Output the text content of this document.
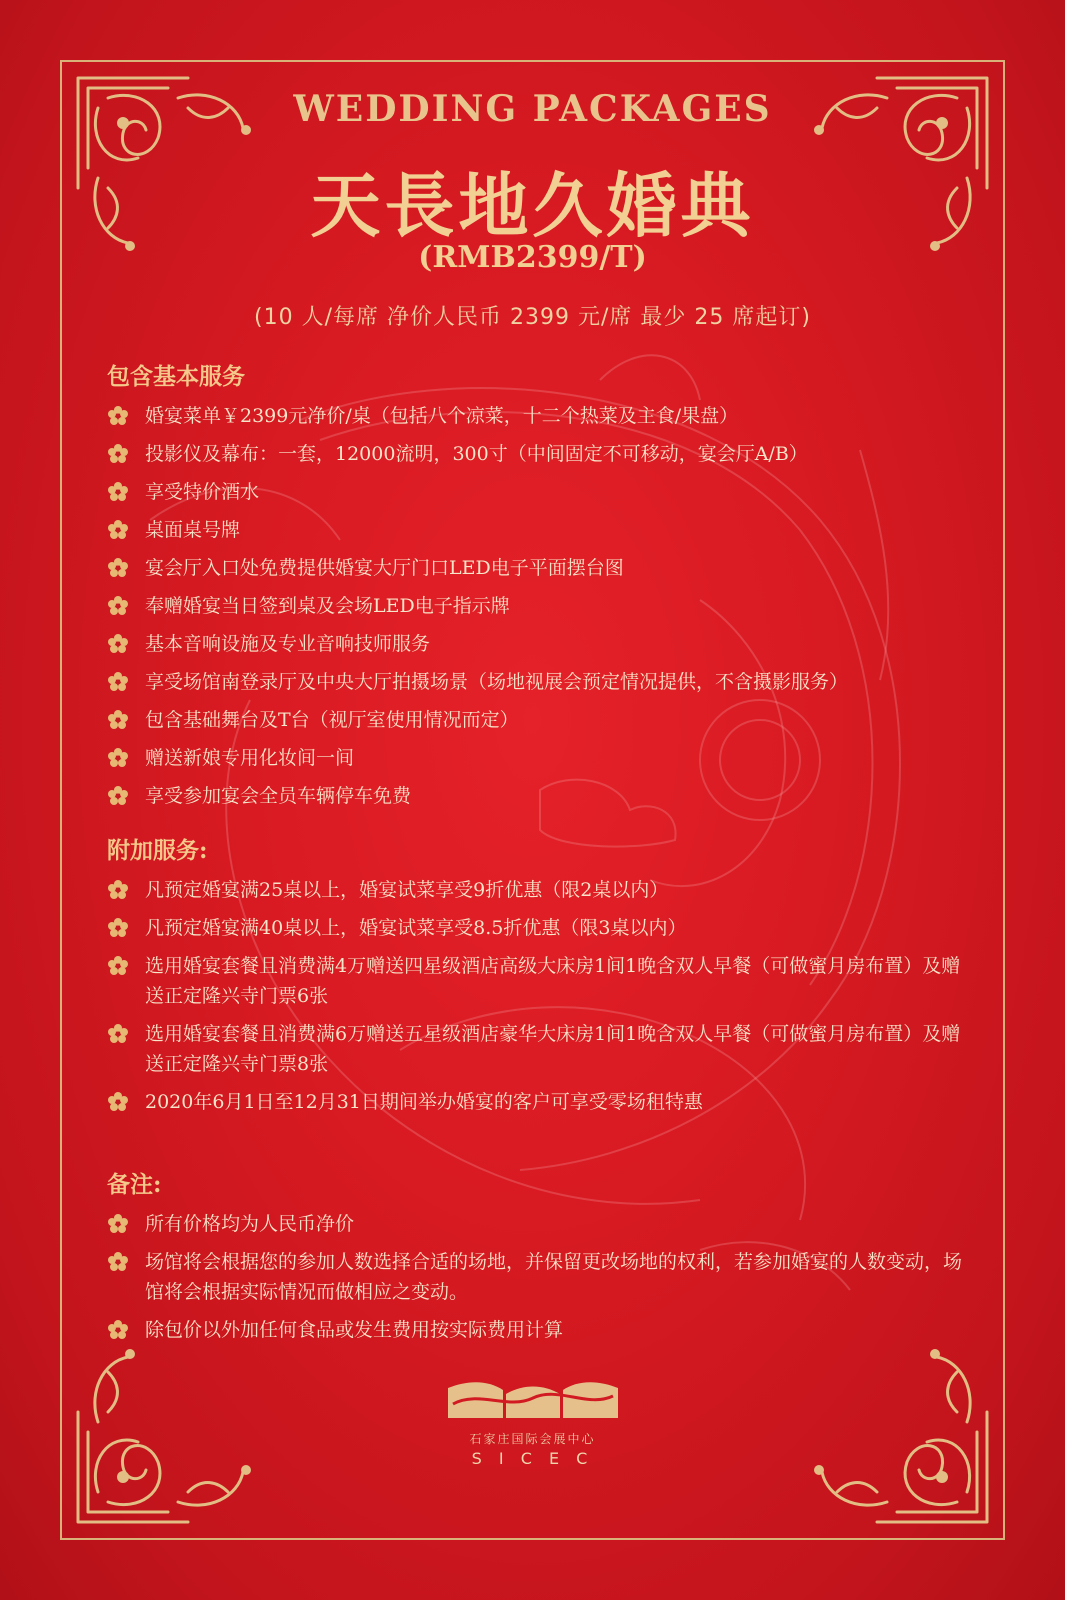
WEDDING PACKAGES
天長地久婚典
(RMB2399/T)
(10 人/每席 净价人民币 2399 元/席 最少 25 席起订)
包含基本服务
婚宴菜单￥2399元净价/桌（包括八个凉菜，十二个热菜及主食/果盘）
投影仪及幕布：一套，12000流明，300寸（中间固定不可移动，宴会厅A/B）
享受特价酒水
桌面桌号牌
宴会厅入口处免费提供婚宴大厅门口LED电子平面摆台图
奉赠婚宴当日签到桌及会场LED电子指示牌
基本音响设施及专业音响技师服务
享受场馆南登录厅及中央大厅拍摄场景（场地视展会预定情况提供，不含摄影服务）
包含基础舞台及T台（视厅室使用情况而定）
赠送新娘专用化妆间一间
享受参加宴会全员车辆停车免费
附加服务:
凡预定婚宴满25桌以上，婚宴试菜享受9折优惠（限2桌以内）
凡预定婚宴满40桌以上，婚宴试菜享受8.5折优惠（限3桌以内）
选用婚宴套餐且消费满4万赠送四星级酒店高级大床房1间1晚含双人早餐（可做蜜月房布置）及赠送正定隆兴寺门票6张
选用婚宴套餐且消费满6万赠送五星级酒店豪华大床房1间1晚含双人早餐（可做蜜月房布置）及赠送正定隆兴寺门票8张
2020年6月1日至12月31日期间举办婚宴的客户可享受零场租特惠
备注:
所有价格均为人民币净价
场馆将会根据您的参加人数选择合适的场地，并保留更改场地的权利，若参加婚宴的人数变动，场馆将会根据实际情况而做相应之变动。
除包价以外加任何食品或发生费用按实际费用计算
石家庄国际会展中心
S I C E C
